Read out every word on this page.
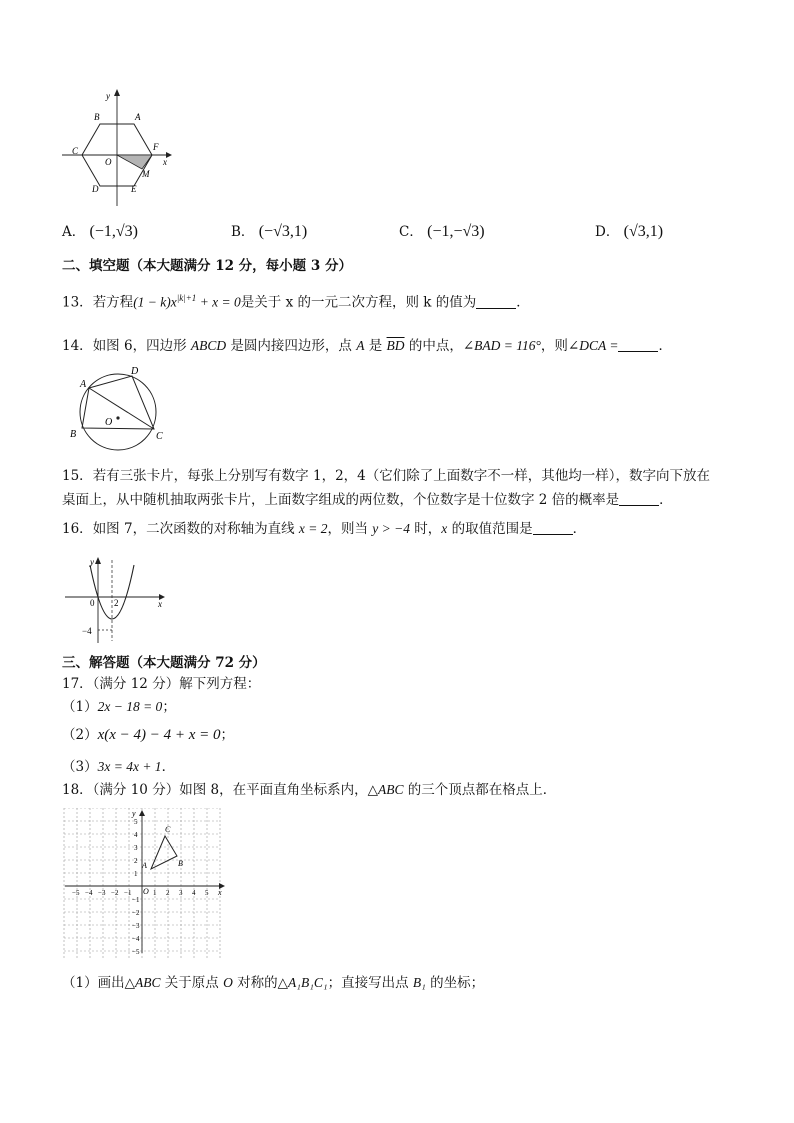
y
B	A
C
O
F
x
M
D	E
A． (−1,√3)	B． (−√3,1)	C． (−1,−√3)	D． (√3,1)
二、填空题（本大题满分 12 分，每小题 3 分）
13．若方程$(1 - k)x^{|k|+1} + x = 0$是关于 x 的一元二次方程，则 k 的值为	．
14．如图 6，四边形 ABCD 是圆内接四边形，点 A 是 $\overline{BD}$ 的中点，∠BAD = 116°，则∠DCA =	．
A
D
O
B	C
15．若有三张卡片，每张上分别写有数字 1，2，4（它们除了上面数字不一样，其他均一样），数字向下放在
桌面上，从中随机抽取两张卡片，上面数字组成的两位数，个位数字是十位数字 2 倍的概率是	．
16．如图 7，二次函数的对称轴为直线 x = 2，则当 y > −4 时，x 的取值范围是	．
y
0 2	x
−4
三、解答题（本大题满分 72 分）
17．（满分 12 分）解下列方程：
（1）2x − 18 = 0；
（2）x(x − 4) − 4 + x = 0；
（3）3x = 4x + 1．
18．（满分 10 分）如图 8，在平面直角坐标系内，△ABC 的三个顶点都在格点上．
y
x
O
A	B
C
−5 −4 −3 −2 −1	1 2 3 4 5
5
4
3
2
1
−1
−2
−3
−4
−5
（1）画出△ABC 关于原点 O 对称的△A₁B₁C₁；直接写出点 B₁ 的坐标；
